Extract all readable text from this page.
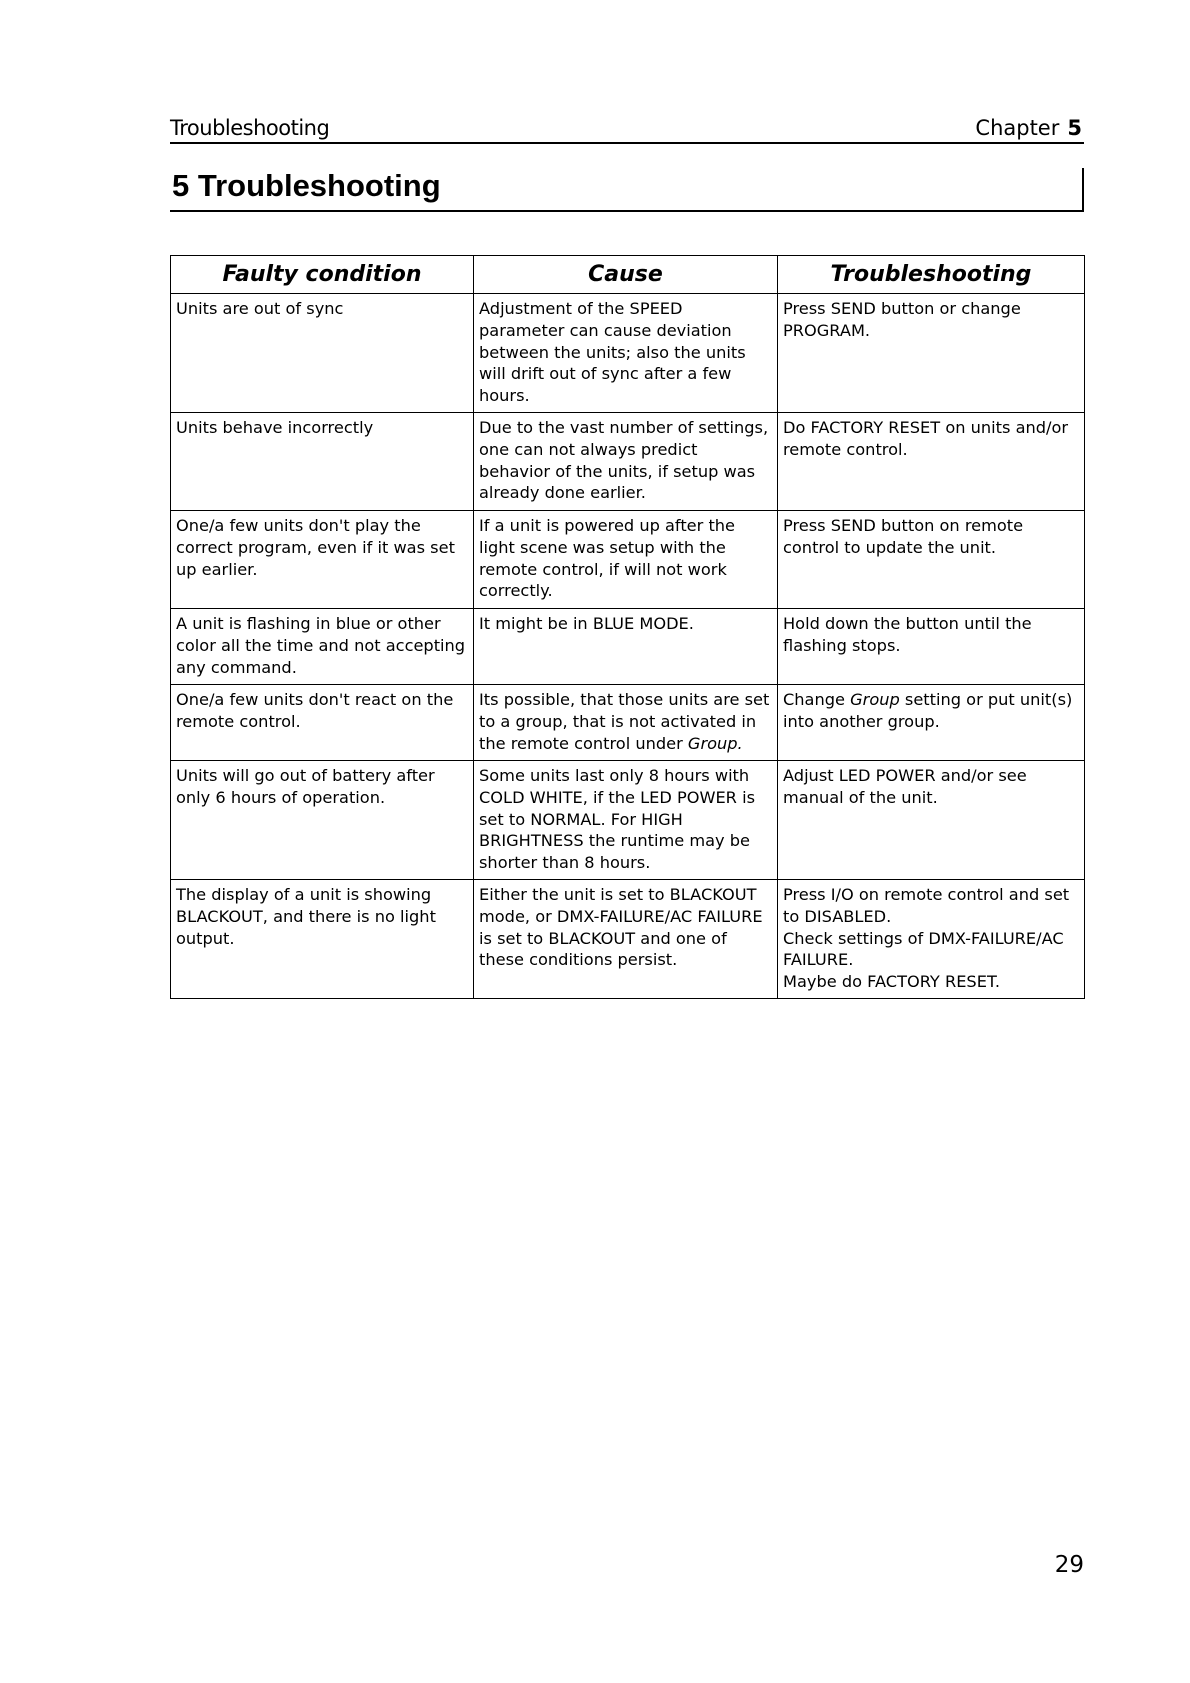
Troubleshooting	Chapter 5
5 Troubleshooting
Faulty condition	Cause	Troubleshooting
Units are out of sync	Adjustment of the SPEED parameter can cause deviation between the units; also the units will drift out of sync after a few hours.	Press SEND button or change PROGRAM.
Units behave incorrectly	Due to the vast number of settings, one can not always predict behavior of the units, if setup was already done earlier.	Do FACTORY RESET on units and/or remote control.
One/a few units don't play the correct program, even if it was set up earlier.	If a unit is powered up after the light scene was setup with the remote control, if will not work correctly.	Press SEND button on remote control to update the unit.
A unit is flashing in blue or other color all the time and not accepting any command.	It might be in BLUE MODE.	Hold down the button until the flashing stops.
One/a few units don't react on the remote control.	Its possible, that those units are set to a group, that is not activated in the remote control under Group.	Change Group setting or put unit(s) into another group.
Units will go out of battery after only 6 hours of operation.	Some units last only 8 hours with COLD WHITE, if the LED POWER is set to NORMAL. For HIGH BRIGHTNESS the runtime may be shorter than 8 hours.	Adjust LED POWER and/or see manual of the unit.
The display of a unit is showing BLACKOUT, and there is no light output.	Either the unit is set to BLACKOUT mode, or DMX-FAILURE/AC FAILURE is set to BLACKOUT and one of these conditions persist.	Press I/O on remote control and set to DISABLED.
Check settings of DMX-FAILURE/AC FAILURE.
Maybe do FACTORY RESET.
29
